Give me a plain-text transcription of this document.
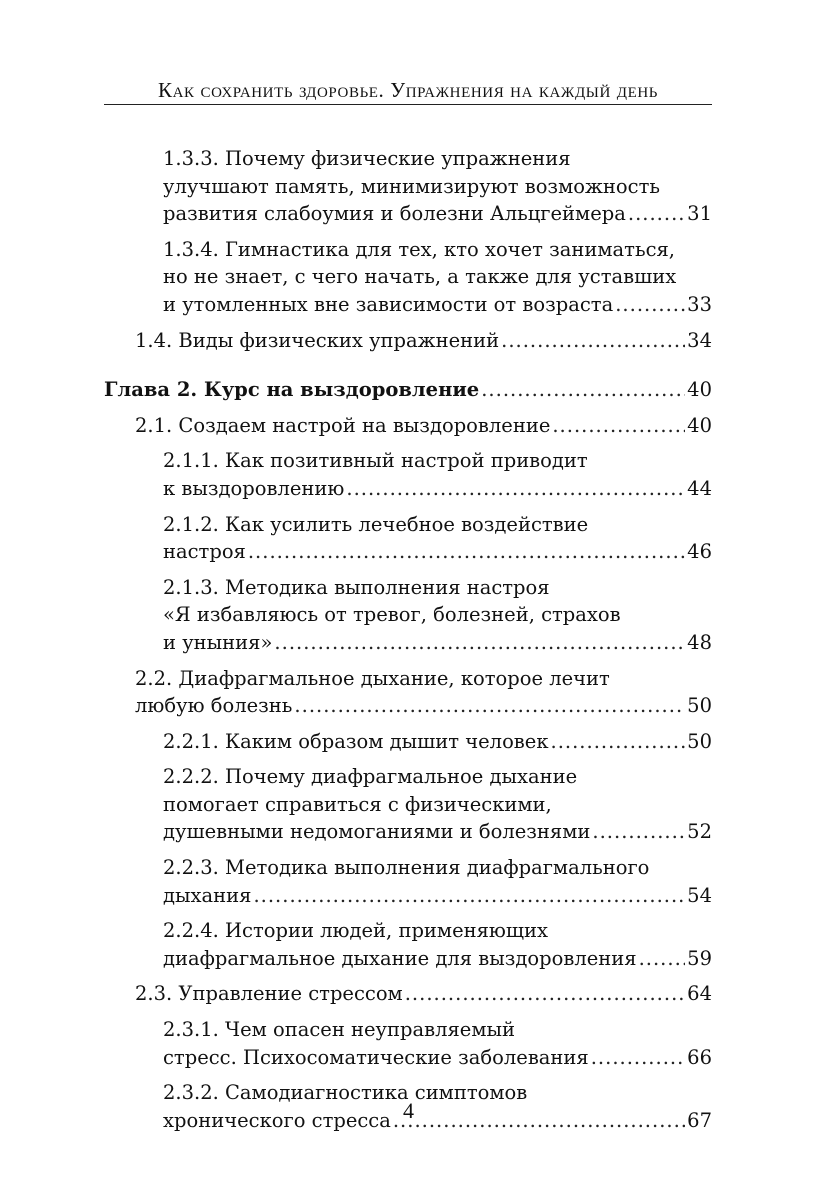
Как сохранить здоровье. Упражнения на каждый день
1.3.3. Почему физические упражнения
улучшают память, минимизируют возможность
развития слабоумия и болезни Альцгеймера .....	31
1.3.4. Гимнастика для тех, кто хочет заниматься,
но не знает, с чего начать, а также для уставших
и утомленных вне зависимости от возраста .....	33
1.4. Виды физических упражнений .....	34
Глава 2. Курс на выздоровление .....	40
2.1. Создаем настрой на выздоровление .....	40
2.1.1. Как позитивный настрой приводит
к выздоровлению .....	44
2.1.2. Как усилить лечебное воздействие
настроя .....	46
2.1.3. Методика выполнения настроя
«Я избавляюсь от тревог, болезней, страхов
и уныния» .....	48
2.2. Диафрагмальное дыхание, которое лечит
любую болезнь .....	50
2.2.1. Каким образом дышит человек .....	50
2.2.2. Почему диафрагмальное дыхание
помогает справиться с физическими,
душевными недомоганиями и болезнями .....	52
2.2.3. Методика выполнения диафрагмального
дыхания .....	54
2.2.4. Истории людей, применяющих
диафрагмальное дыхание для выздоровления .....	59
2.3. Управление стрессом .....	64
2.3.1. Чем опасен неуправляемый
стресс. Психосоматические заболевания .....	66
2.3.2. Самодиагностика симптомов
хронического стресса .....	67
4
